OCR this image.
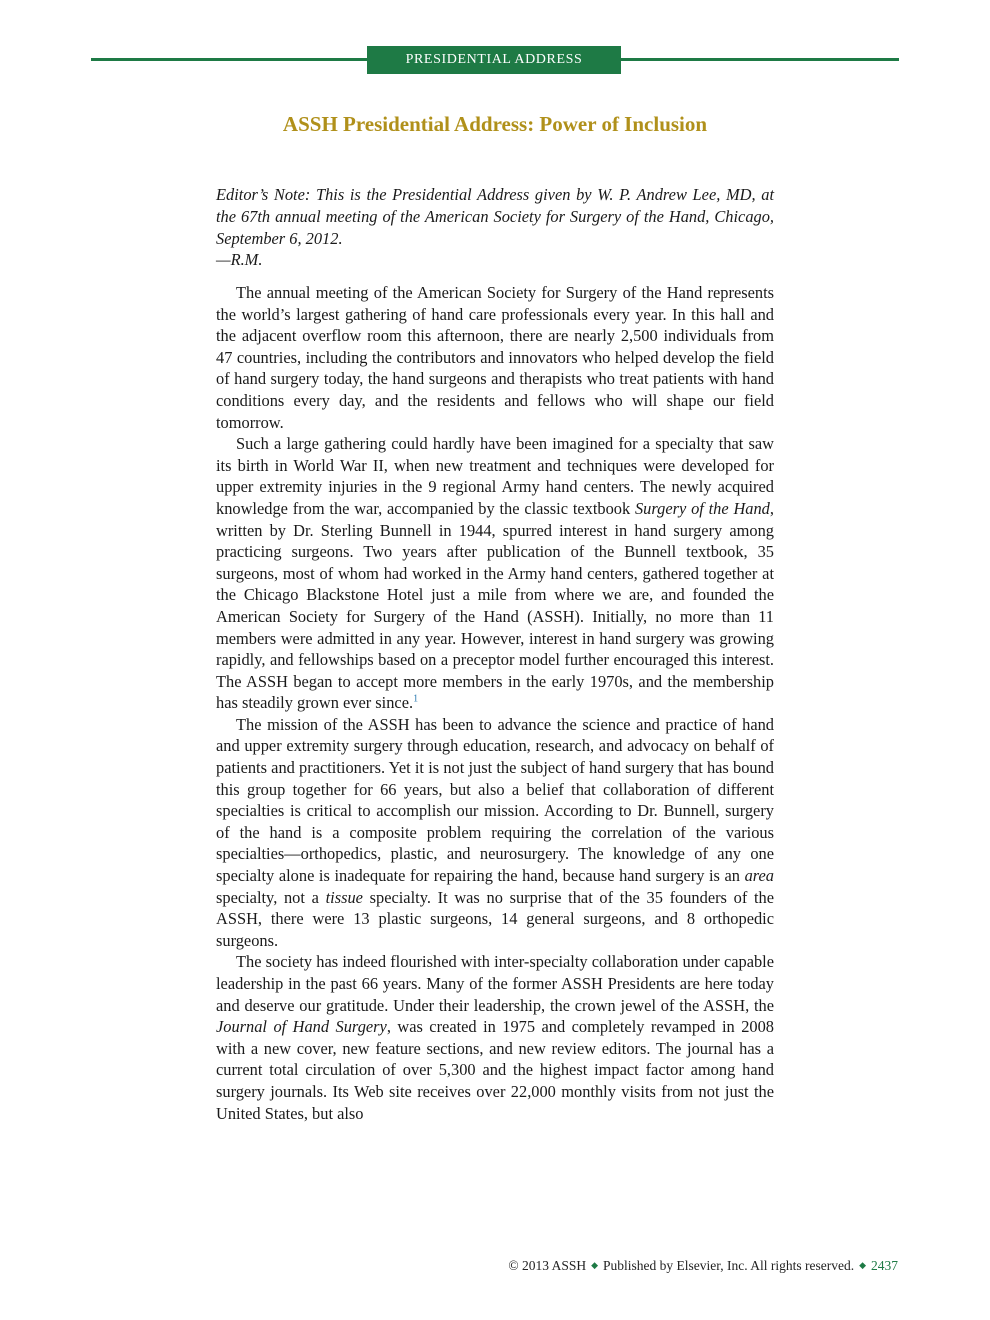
PRESIDENTIAL ADDRESS
ASSH Presidential Address: Power of Inclusion

Editor’s Note: This is the Presidential Address given by W. P. Andrew Lee, MD, at the 67th annual meeting of the American Society for Surgery of the Hand, Chicago, September 6, 2012.

—R.M.

The annual meeting of the American Society for Surgery of the Hand represents the world’s largest gathering of hand care professionals every year. In this hall and the adjacent overflow room this afternoon, there are nearly 2,500 individuals from 47 countries, including the contributors and innovators who helped develop the field of hand surgery today, the hand surgeons and therapists who treat patients with hand conditions every day, and the residents and fellows who will shape our field tomorrow.

Such a large gathering could hardly have been imagined for a specialty that saw its birth in World War II, when new treatment and techniques were developed for upper extremity injuries in the 9 regional Army hand centers. The newly acquired knowledge from the war, accompanied by the classic textbook Surgery of the Hand, written by Dr. Sterling Bunnell in 1944, spurred interest in hand surgery among practicing surgeons. Two years after publication of the Bunnell textbook, 35 surgeons, most of whom had worked in the Army hand centers, gathered together at the Chicago Blackstone Hotel just a mile from where we are, and founded the American Society for Surgery of the Hand (ASSH). Initially, no more than 11 members were admitted in any year. However, interest in hand surgery was growing rapidly, and fellowships based on a preceptor model further encouraged this interest. The ASSH began to accept more members in the early 1970s, and the membership has steadily grown ever since.$^1$

The mission of the ASSH has been to advance the science and practice of hand and upper extremity surgery through education, research, and advocacy on behalf of patients and practitioners. Yet it is not just the subject of hand surgery that has bound this group together for 66 years, but also a belief that collaboration of different specialties is critical to accomplish our mission. According to Dr. Bunnell, surgery of the hand is a composite problem requiring the correlation of the various specialties—orthopedics, plastic, and neurosurgery. The knowledge of any one specialty alone is inadequate for repairing the hand, because hand surgery is an area specialty, not a tissue specialty. It was no surprise that of the 35 founders of the ASSH, there were 13 plastic surgeons, 14 general surgeons, and 8 orthopedic surgeons.

The society has indeed flourished with inter-specialty collaboration under capable leadership in the past 66 years. Many of the former ASSH Presidents are here today and deserve our gratitude. Under their leadership, the crown jewel of the ASSH, the Journal of Hand Surgery, was created in 1975 and completely revamped in 2008 with a new cover, new feature sections, and new review editors. The journal has a current total circulation of over 5,300 and the highest impact factor among hand surgery journals. Its Web site receives over 22,000 monthly visits from not just the United States, but also

© 2013 ASSH ◆ Published by Elsevier, Inc. All rights reserved. ◆ 2437
